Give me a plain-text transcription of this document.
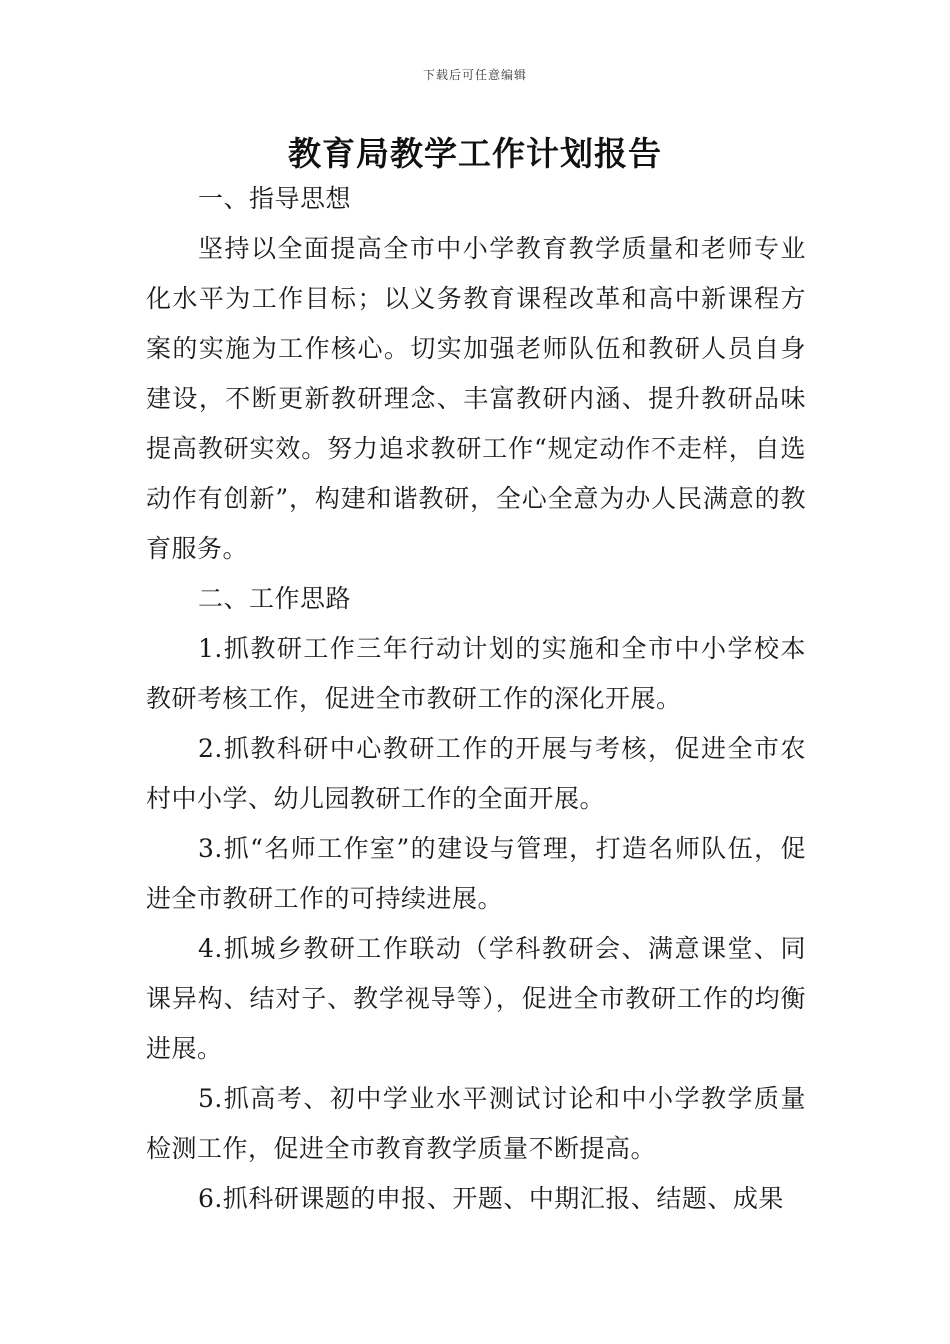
下载后可任意编辑
教育局教学工作计划报告

一、指导思想

坚持以全面提高全市中小学教育教学质量和老师专业化水平为工作目标；以义务教育课程改革和高中新课程方案的实施为工作核心。切实加强老师队伍和教研人员自身建设，不断更新教研理念、丰富教研内涵、提升教研品味提高教研实效。努力追求教研工作“规定动作不走样，自选动作有创新”，构建和谐教研，全心全意为办人民满意的教育服务。

二、工作思路

1.抓教研工作三年行动计划的实施和全市中小学校本教研考核工作，促进全市教研工作的深化开展。

2.抓教科研中心教研工作的开展与考核，促进全市农村中小学、幼儿园教研工作的全面开展。

3.抓“名师工作室”的建设与管理，打造名师队伍，促进全市教研工作的可持续进展。

4.抓城乡教研工作联动（学科教研会、满意课堂、同课异构、结对子、教学视导等），促进全市教研工作的均衡进展。

5.抓高考、初中学业水平测试讨论和中小学教学质量检测工作，促进全市教育教学质量不断提高。

6.抓科研课题的申报、开题、中期汇报、结题、成果
